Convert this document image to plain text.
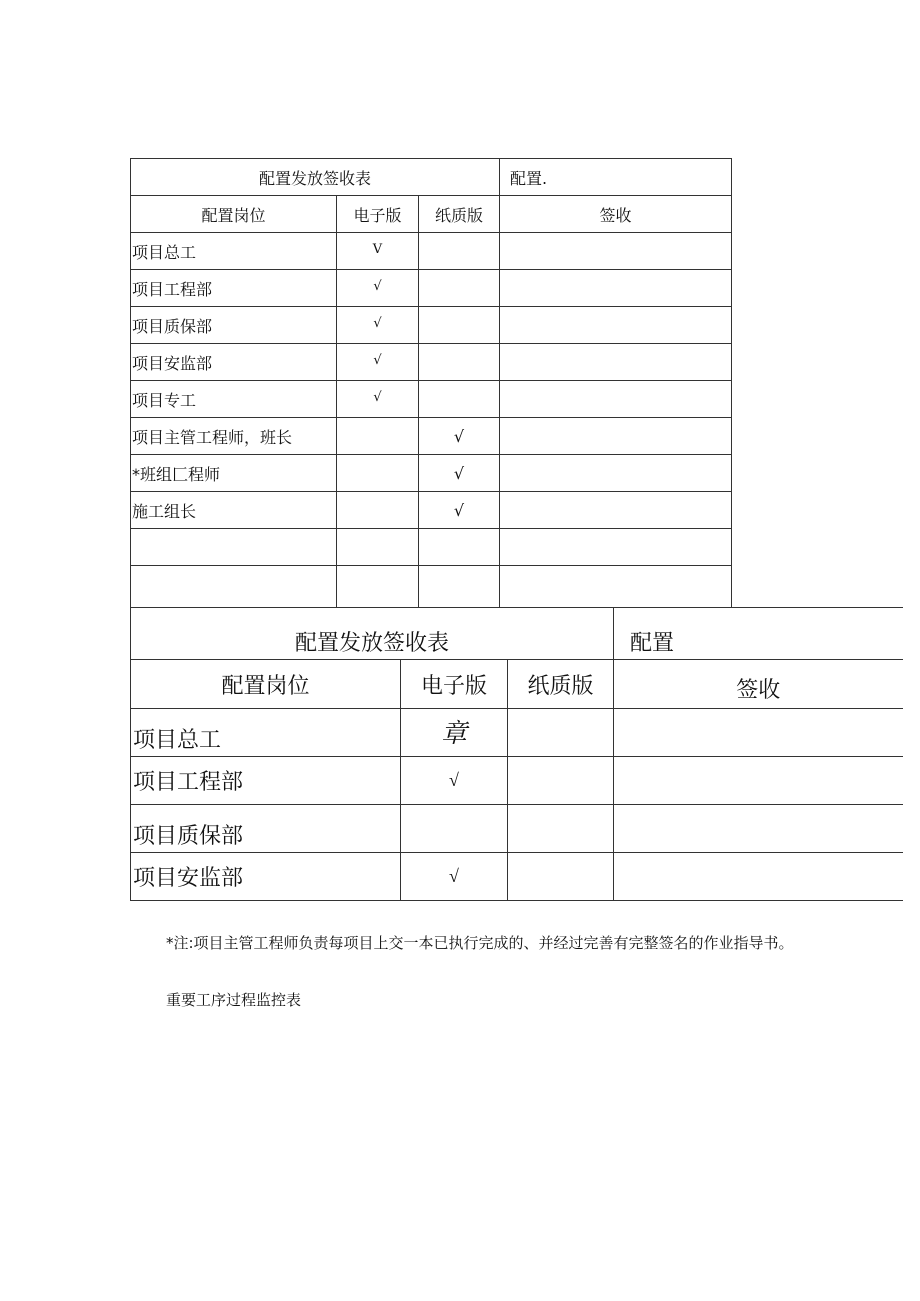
配置发放签收表			配置.
配置岗位	电子版	纸质版	签收
项目总工	V		
项目工程部	√		
项目质保部	√		
项目安监部	√		
项目专工	√		
项目主管工程师，班长		√	
*班组匚程师		√	
施工组长		√	

配置发放签收表			配置
配置岗位	电子版	纸质版	签收
项目总工	章		
项目工程部	√		
项目质保部			
项目安监部	√		
*注:项目主管工程师负责每项目上交一本已执行完成的、并经过完善有完整签名的作业指导书。
重要工序过程监控表
